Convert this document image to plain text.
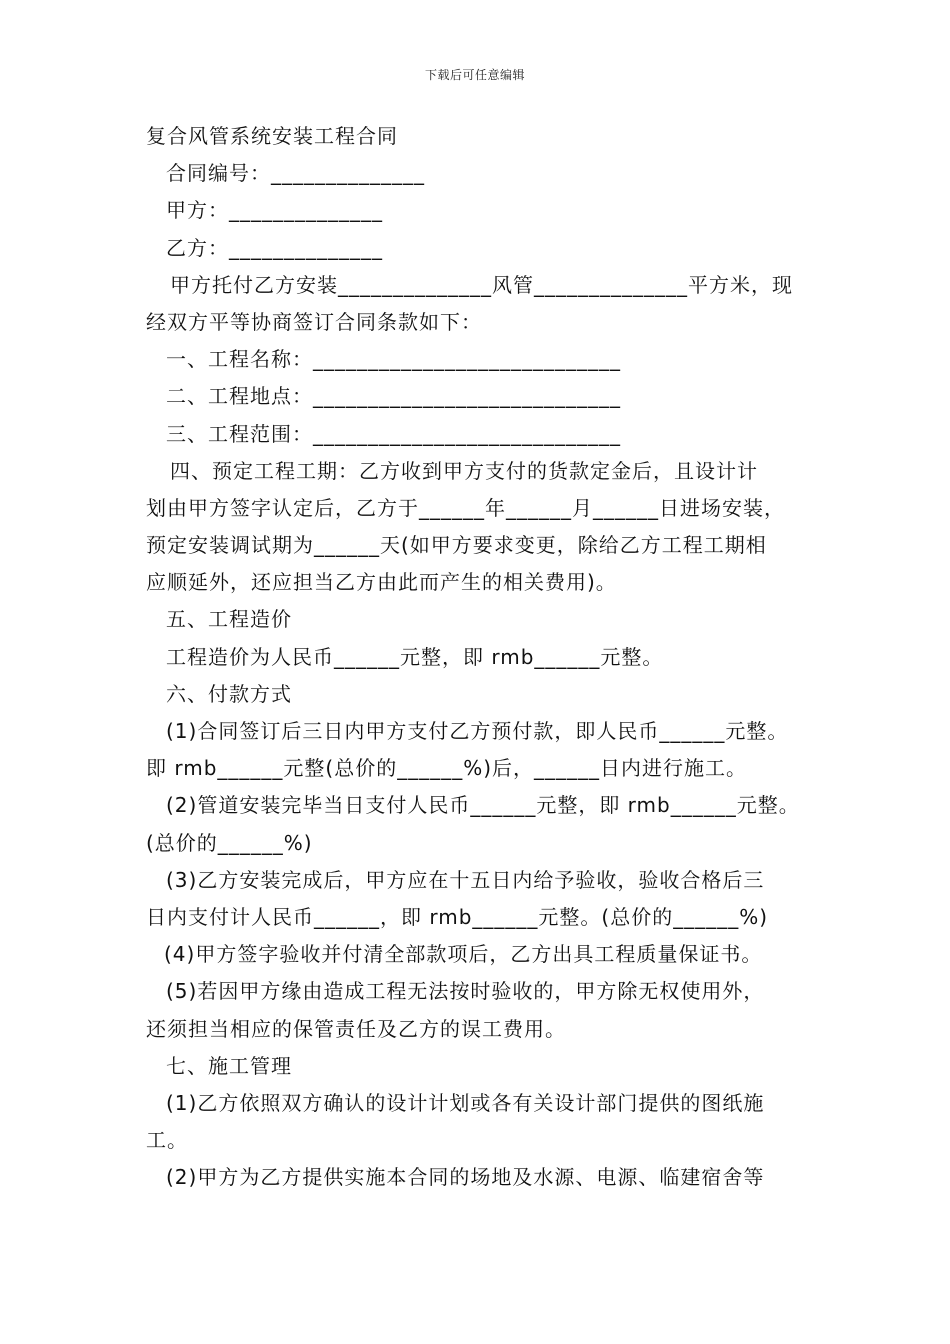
下载后可任意编辑
复合风管系统安装工程合同
合同编号：______________
甲方：______________
乙方：______________
甲方托付乙方安装______________风管______________平方米，现
经双方平等协商签订合同条款如下：
一、工程名称：____________________________
二、工程地点：____________________________
三、工程范围：____________________________
四、预定工程工期：乙方收到甲方支付的货款定金后，且设计计
划由甲方签字认定后，乙方于______年______月______日进场安装，
预定安装调试期为______天(如甲方要求变更，除给乙方工程工期相
应顺延外，还应担当乙方由此而产生的相关费用)。
五、工程造价
工程造价为人民币______元整，即 rmb______元整。
六、付款方式
(1)合同签订后三日内甲方支付乙方预付款，即人民币______元整。
即 rmb______元整(总价的______%)后，______日内进行施工。
(2)管道安装完毕当日支付人民币______元整，即 rmb______元整。
(总价的______%)
(3)乙方安装完成后，甲方应在十五日内给予验收，验收合格后三
日内支付计人民币______，即 rmb______元整。(总价的______%)
(4)甲方签字验收并付清全部款项后，乙方出具工程质量保证书。
(5)若因甲方缘由造成工程无法按时验收的，甲方除无权使用外，
还须担当相应的保管责任及乙方的误工费用。
七、施工管理
(1)乙方依照双方确认的设计计划或各有关设计部门提供的图纸施
工。
(2)甲方为乙方提供实施本合同的场地及水源、电源、临建宿舍等
